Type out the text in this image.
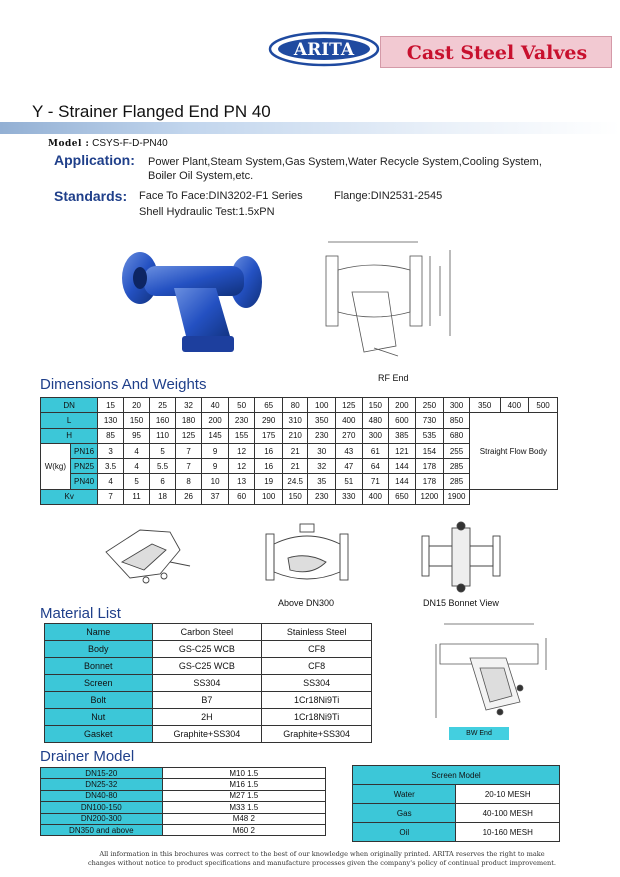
ARITA	Cast Steel Valves
Y - Strainer Flanged End PN 40
Model : CSYS-F-D-PN40
Application: Power Plant,Steam System,Gas System,Water Recycle System,Cooling System,
Boiler Oil System,etc.
Standards: Face To Face:DIN3202-F1 Series	Flange:DIN2531-2545
Shell Hydraulic Test:1.5xPN
RF End
Dimensions And Weights
DN		15	20	25	32	40	50	65	80	100	125	150	200	250	300	350	400	500
L		130	150	160	180	200	230	290	310	350	400	480	600	730	850	Straight Flow Body		
H		85	95	110	125	145	155	175	210	230	270	300	385	535	680			
W(kg)	PN16	3	4	5	7	9	12	16	21	30	43	61	121	154	255			
	PN25	3.5	4	5.5	7	9	12	16	21	32	47	64	144	178	285			
	PN40	4	5	6	8	10	13	19	24.5	35	51	71	144	178	285			
Kv		7	11	18	26	37	60	100	150	230	330	400	650	1200	1900			
Above DN300	DN15 Bonnet View
Material List
Name	Carbon Steel	Stainless Steel
Body	GS-C25 WCB	CF8
Bonnet	GS-C25 WCB	CF8
Screen	SS304	SS304
Bolt	B7	1Cr18Ni9Ti
Nut	2H	1Cr18Ni9Ti
Gasket	Graphite+SS304	Graphite+SS304	BW End
Drainer Model
DN15-20	M10 1.5
DN25-32	M16 1.5
DN40-80	M27 1.5
DN100-150	M33 1.5
DN200-300	M48 2
DN350 and above	M60 2
Screen Model	
Water	20-10 MESH
Gas	40-100 MESH
Oil	10-160 MESH
All information in this brochures was correct to the best of our knowledge when originally printed. ARITA reserves the right to make
changes without notice to product specifications and manufacture processes given the company's policy of continual product improvement.
